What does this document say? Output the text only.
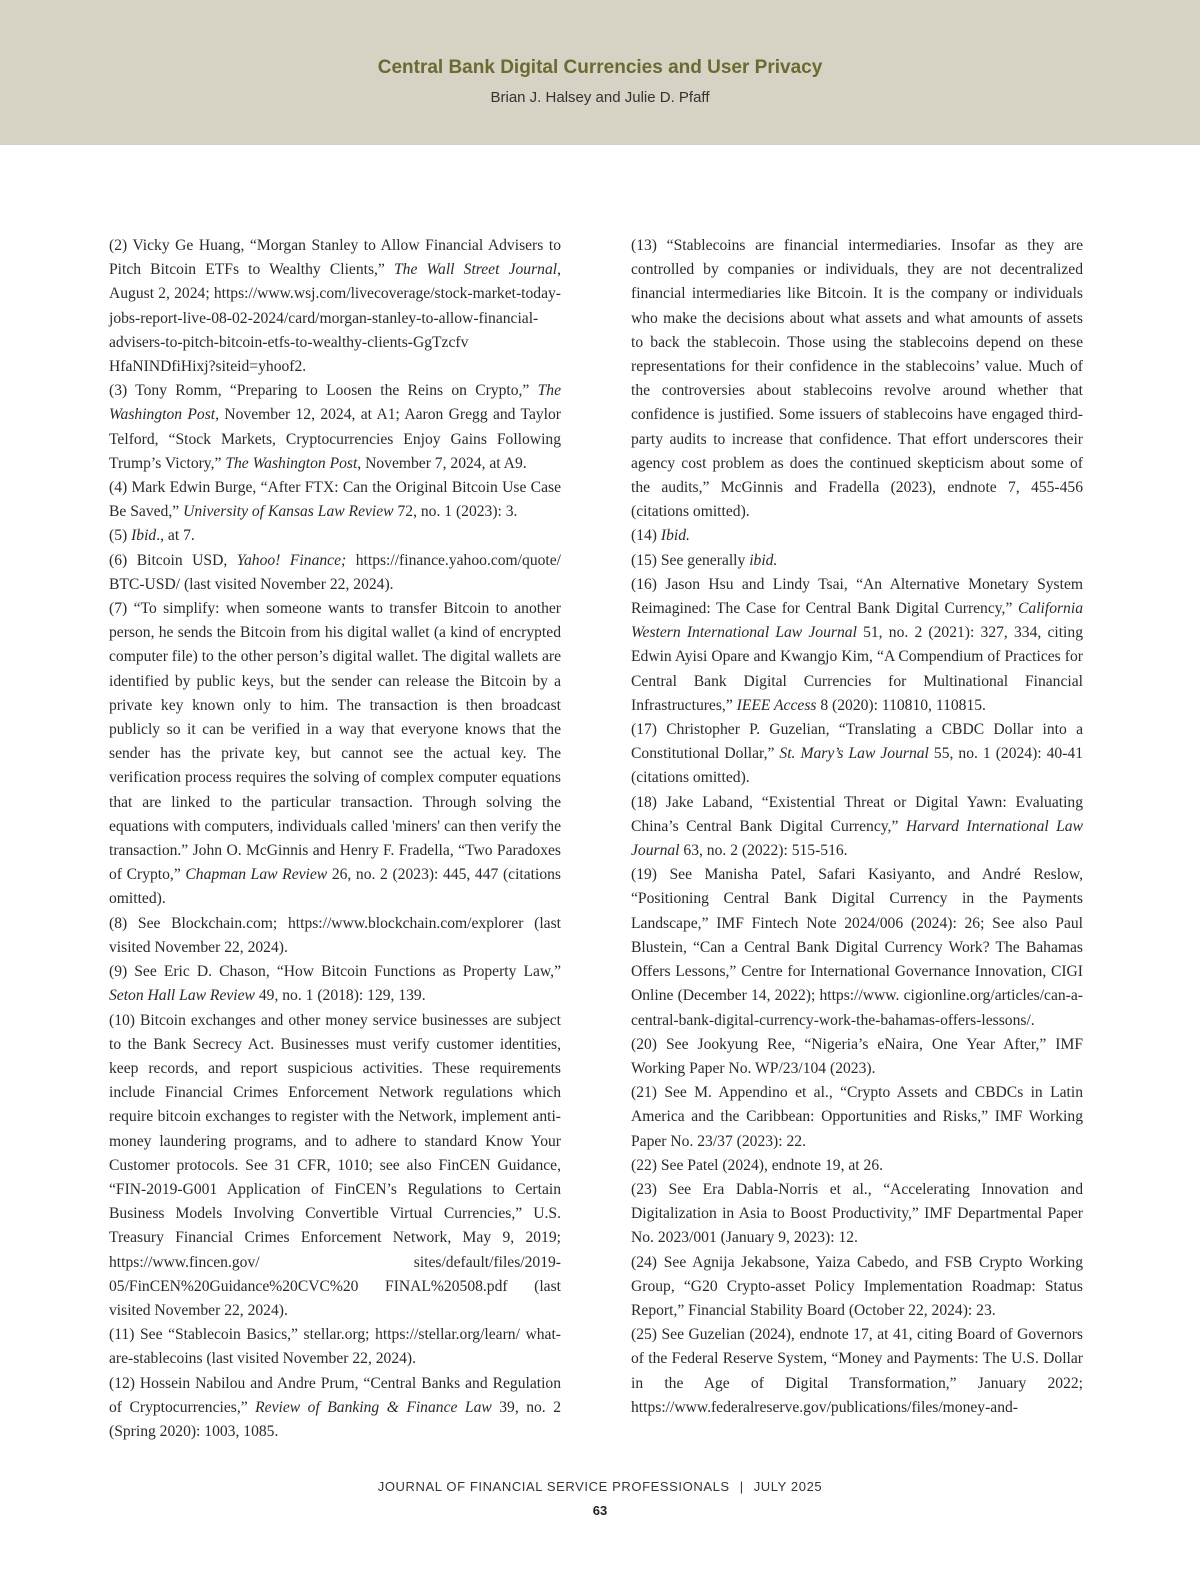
Central Bank Digital Currencies and User Privacy
Brian J. Halsey and Julie D. Pfaff

(2) Vicky Ge Huang, “Morgan Stanley to Allow Financial Advisers to Pitch Bitcoin ETFs to Wealthy Clients,” The Wall Street Journal, August 2, 2024; https://www.wsj.com/livecoverage/stock-market-today-jobs-report-live-08-02-2024/card/morgan-stanley-to-allow-financial-advisers-to-pitch-bitcoin-etfs-to-wealthy-clients-GgTzcfv HfaNINDfiHixj?siteid=yhoof2.

(3) Tony Romm, “Preparing to Loosen the Reins on Crypto,” The Washington Post, November 12, 2024, at A1; Aaron Gregg and Taylor Telford, “Stock Markets, Cryptocurrencies Enjoy Gains Following Trump’s Victory,” The Washington Post, November 7, 2024, at A9.

(4) Mark Edwin Burge, “After FTX: Can the Original Bitcoin Use Case Be Saved,” University of Kansas Law Review 72, no. 1 (2023): 3.

(5) Ibid., at 7.

(6) Bitcoin USD, Yahoo! Finance; https://finance.yahoo.com/quote/ BTC-USD/ (last visited November 22, 2024).

(7) “To simplify: when someone wants to transfer Bitcoin to another person, he sends the Bitcoin from his digital wallet (a kind of encrypted computer file) to the other person’s digital wallet. The digital wallets are identified by public keys, but the sender can release the Bitcoin by a private key known only to him. The transaction is then broadcast publicly so it can be verified in a way that everyone knows that the sender has the private key, but cannot see the actual key. The verification process requires the solving of complex computer equations that are linked to the particular transaction. Through solving the equations with computers, individuals called 'miners' can then verify the transaction.” John O. McGinnis and Henry F. Fradella, “Two Paradoxes of Crypto,” Chapman Law Review 26, no. 2 (2023): 445, 447 (citations omitted).

(8) See Blockchain.com; https://www.blockchain.com/explorer (last visited November 22, 2024).

(9) See Eric D. Chason, “How Bitcoin Functions as Property Law,” Seton Hall Law Review 49, no. 1 (2018): 129, 139.

(10) Bitcoin exchanges and other money service businesses are subject to the Bank Secrecy Act. Businesses must verify customer identities, keep records, and report suspicious activities. These requirements include Financial Crimes Enforcement Network regulations which require bitcoin exchanges to register with the Network, implement anti-money laundering programs, and to adhere to standard Know Your Customer protocols. See 31 CFR, 1010; see also FinCEN Guidance, “FIN-2019-G001 Application of FinCEN’s Regulations to Certain Business Models Involving Convertible Virtual Currencies,” U.S. Treasury Financial Crimes Enforcement Network, May 9, 2019; https://www.fincen.gov/ sites/default/files/2019-05/FinCEN%20Guidance%20CVC%20 FINAL%20508.pdf (last visited November 22, 2024).

(11) See “Stablecoin Basics,” stellar.org; https://stellar.org/learn/ what-are-stablecoins (last visited November 22, 2024).

(12) Hossein Nabilou and Andre Prum, “Central Banks and Regulation of Cryptocurrencies,” Review of Banking & Finance Law 39, no. 2 (Spring 2020): 1003, 1085.

(13) “Stablecoins are financial intermediaries. Insofar as they are controlled by companies or individuals, they are not decentralized financial intermediaries like Bitcoin. It is the company or individuals who make the decisions about what assets and what amounts of assets to back the stablecoin. Those using the stablecoins depend on these representations for their confidence in the stablecoins’ value. Much of the controversies about stablecoins revolve around whether that confidence is justified. Some issuers of stablecoins have engaged third-party audits to increase that confidence. That effort underscores their agency cost problem as does the continued skepticism about some of the audits,” McGinnis and Fradella (2023), endnote 7, 455-456 (citations omitted).

(14) Ibid.

(15) See generally ibid.

(16) Jason Hsu and Lindy Tsai, “An Alternative Monetary System Reimagined: The Case for Central Bank Digital Currency,” California Western International Law Journal 51, no. 2 (2021): 327, 334, citing Edwin Ayisi Opare and Kwangjo Kim, “A Compendium of Practices for Central Bank Digital Currencies for Multinational Financial Infrastructures,” IEEE Access 8 (2020): 110810, 110815.

(17) Christopher P. Guzelian, “Translating a CBDC Dollar into a Constitutional Dollar,” St. Mary’s Law Journal 55, no. 1 (2024): 40-41 (citations omitted).

(18) Jake Laband, “Existential Threat or Digital Yawn: Evaluating China’s Central Bank Digital Currency,” Harvard International Law Journal 63, no. 2 (2022): 515-516.

(19) See Manisha Patel, Safari Kasiyanto, and André Reslow, “Positioning Central Bank Digital Currency in the Payments Landscape,” IMF Fintech Note 2024/006 (2024): 26; See also Paul Blustein, “Can a Central Bank Digital Currency Work? The Bahamas Offers Lessons,” Centre for International Governance Innovation, CIGI Online (December 14, 2022); https://www. cigionline.org/articles/can-a-central-bank-digital-currency-work-the-bahamas-offers-lessons/.

(20) See Jookyung Ree, “Nigeria’s eNaira, One Year After,” IMF Working Paper No. WP/23/104 (2023).

(21) See M. Appendino et al., “Crypto Assets and CBDCs in Latin America and the Caribbean: Opportunities and Risks,” IMF Working Paper No. 23/37 (2023): 22.

(22) See Patel (2024), endnote 19, at 26.

(23) See Era Dabla-Norris et al., “Accelerating Innovation and Digitalization in Asia to Boost Productivity,” IMF Departmental Paper No. 2023/001 (January 9, 2023): 12.

(24) See Agnija Jekabsone, Yaiza Cabedo, and FSB Crypto Working Group, “G20 Crypto-asset Policy Implementation Roadmap: Status Report,” Financial Stability Board (October 22, 2024): 23.

(25) See Guzelian (2024), endnote 17, at 41, citing Board of Governors of the Federal Reserve System, “Money and Payments: The U.S. Dollar in the Age of Digital Transformation,” January 2022; https://www.federalreserve.gov/publications/files/money-and-

JOURNAL OF FINANCIAL SERVICE PROFESSIONALS | JULY 2025
63
